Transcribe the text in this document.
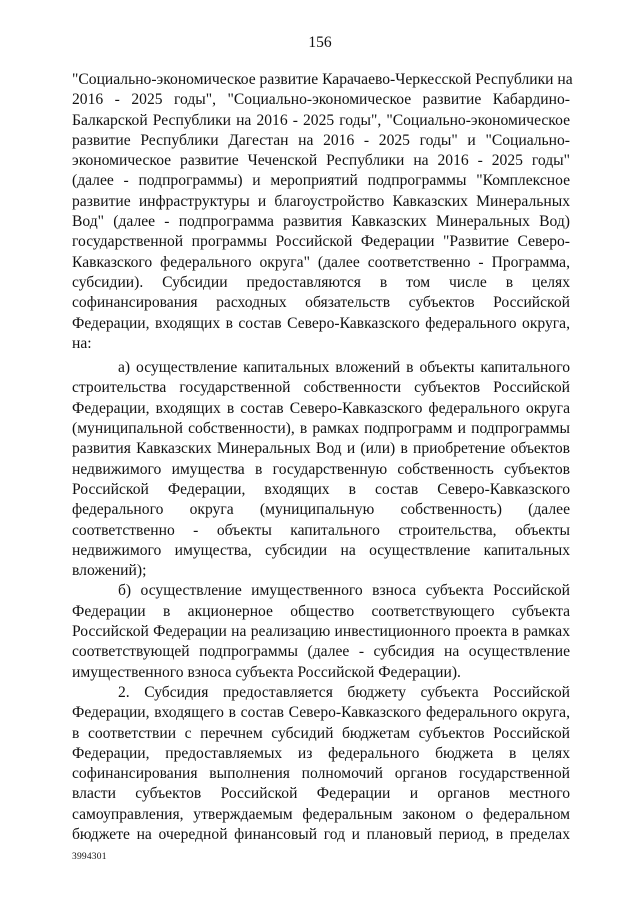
156
"Социально-экономическое развитие Карачаево-Черкесской Республики на
2016 - 2025 годы", "Социально-экономическое развитие Кабардино-
Балкарской Республики на 2016 - 2025 годы", "Социально-экономическое
развитие Республики Дагестан на 2016 - 2025 годы" и "Социально-
экономическое развитие Чеченской Республики на 2016 - 2025 годы"
(далее - подпрограммы) и мероприятий подпрограммы "Комплексное
развитие инфраструктуры и благоустройство Кавказских Минеральных
Вод" (далее - подпрограмма развития Кавказских Минеральных Вод)
государственной программы Российской Федерации "Развитие Северо-
Кавказского федерального округа" (далее соответственно - Программа,
субсидии). Субсидии предоставляются в том числе в целях
софинансирования расходных обязательств субъектов Российской
Федерации, входящих в состав Северо-Кавказского федерального округа,
на:
а) осуществление капитальных вложений в объекты капитального
строительства государственной собственности субъектов Российской
Федерации, входящих в состав Северо-Кавказского федерального округа
(муниципальной собственности), в рамках подпрограмм и подпрограммы
развития Кавказских Минеральных Вод и (или) в приобретение объектов
недвижимого имущества в государственную собственность субъектов
Российской Федерации, входящих в состав Северо-Кавказского
федерального округа (муниципальную собственность) (далее
соответственно - объекты капитального строительства, объекты
недвижимого имущества, субсидии на осуществление капитальных
вложений);
б) осуществление имущественного взноса субъекта Российской
Федерации в акционерное общество соответствующего субъекта
Российской Федерации на реализацию инвестиционного проекта в рамках
соответствующей подпрограммы (далее - субсидия на осуществление
имущественного взноса субъекта Российской Федерации).
2. Субсидия предоставляется бюджету субъекта Российской
Федерации, входящего в состав Северо-Кавказского федерального округа,
в соответствии с перечнем субсидий бюджетам субъектов Российской
Федерации, предоставляемых из федерального бюджета в целях
софинансирования выполнения полномочий органов государственной
власти субъектов Российской Федерации и органов местного
самоуправления, утверждаемым федеральным законом о федеральном
бюджете на очередной финансовый год и плановый период, в пределах
3994301
